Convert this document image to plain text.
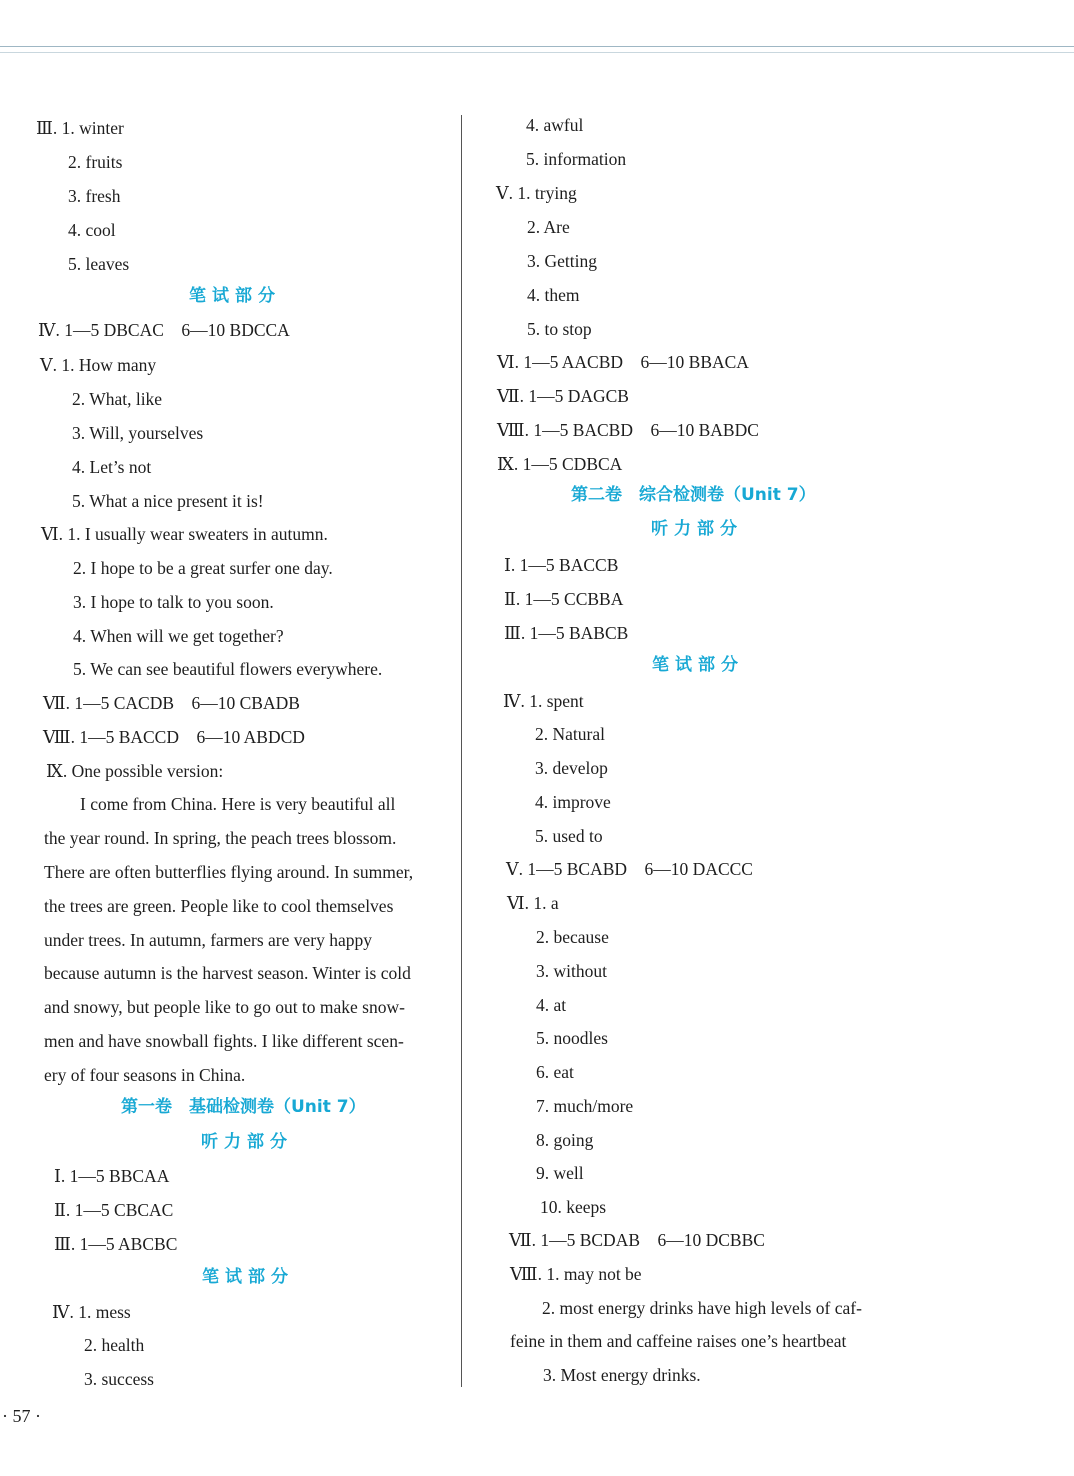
Ⅲ. 1. winter
2. fruits
3. fresh
4. cool
5. leaves
笔试部分
Ⅳ. 1—5 DBCAC　6—10 BDCCA
Ⅴ. 1. How many
2. What, like
3. Will, yourselves
4. Let’s not
5. What a nice present it is!
Ⅵ. 1. I usually wear sweaters in autumn.
2. I hope to be a great surfer one day.
3. I hope to talk to you soon.
4. When will we get together?
5. We can see beautiful flowers everywhere.
Ⅶ. 1—5 CACDB　6—10 CBADB
Ⅷ. 1—5 BACCD　6—10 ABDCD
Ⅸ. One possible version:
I come from China. Here is very beautiful all
the year round. In spring, the peach trees blossom.
There are often butterflies flying around. In summer,
the trees are green. People like to cool themselves
under trees. In autumn, farmers are very happy
because autumn is the harvest season. Winter is cold
and snowy, but people like to go out to make snow-
men and have snowball fights. I like different scen-
ery of four seasons in China.
第一卷　基础检测卷（Unit 7）
听力部分
Ⅰ. 1—5 BBCAA
Ⅱ. 1—5 CBCAC
Ⅲ. 1—5 ABCBC
笔试部分
Ⅳ. 1. mess
2. health
3. success
4. awful
5. information
Ⅴ. 1. trying
2. Are
3. Getting
4. them
5. to stop
Ⅵ. 1—5 AACBD　6—10 BBACA
Ⅶ. 1—5 DAGCB
Ⅷ. 1—5 BACBD　6—10 BABDC
Ⅸ. 1—5 CDBCA
第二卷　综合检测卷（Unit 7）
听力部分
Ⅰ. 1—5 BACCB
Ⅱ. 1—5 CCBBA
Ⅲ. 1—5 BABCB
笔试部分
Ⅳ. 1. spent
2. Natural
3. develop
4. improve
5. used to
Ⅴ. 1—5 BCABD　6—10 DACCC
Ⅵ. 1. a
2. because
3. without
4. at
5. noodles
6. eat
7. much/more
8. going
9. well
10. keeps
Ⅶ. 1—5 BCDAB　6—10 DCBBC
Ⅷ. 1. may not be
2. most energy drinks have high levels of caf-
feine in them and caffeine raises one’s heartbeat
3. Most energy drinks.
· 57 ·
